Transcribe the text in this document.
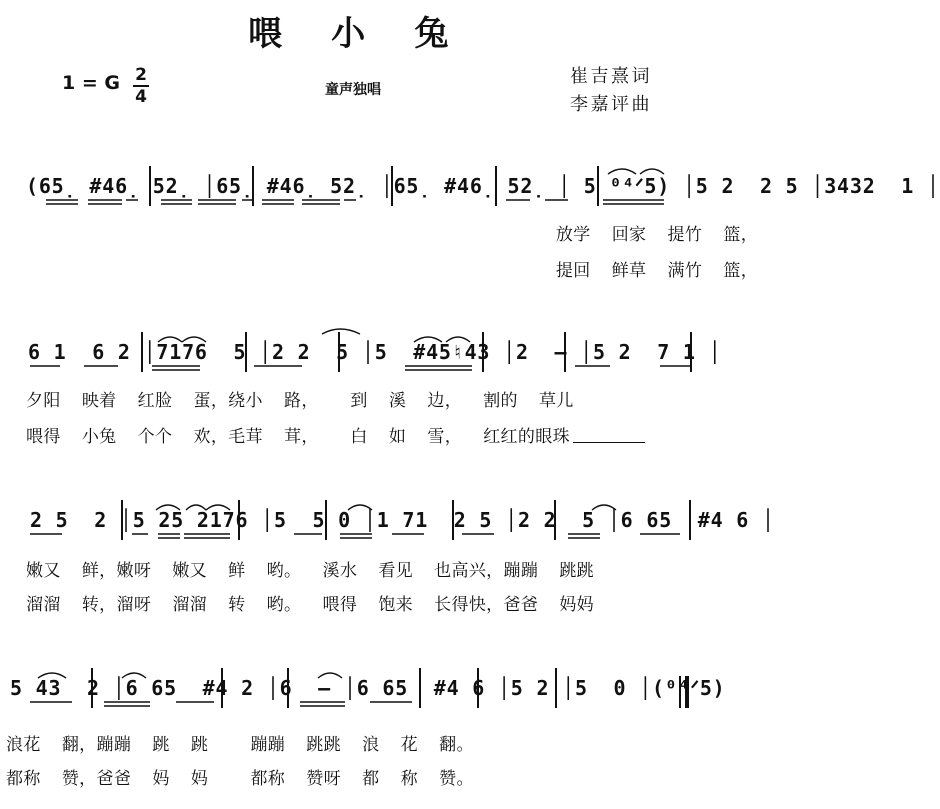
喂 小 兔
1 = G 2
4	童声独唱
崔吉熹词
李嘉评曲
(65̣ #46̣ 52̣ │65̣ #46̣ 52̣ │65̣ #46̣ 52̣ │ 5 ⁰⁴ᐟ5) │5 2  2 5 │3432  1 │
放学  回家  提竹  篮，
提回  鲜草  满竹  篮，
6 1  6 2 │7176  5 │2 2  5 │5  #45♮43 │2  — │5 2  7 1 │
夕阳  映着  红脸  蛋，绕小  路，   到  溪  边，  割的  草儿
喂得  小兔  个个  欢，毛茸  茸，   白  如  雪，  红红的眼珠
2 5  2 │5 25 2176 │5  5 0 │1 71  2 5 │2 2  5 │6 65  #4 6 │
嫩又  鲜，嫩呀  嫩又  鲜  哟。  溪水  看见  也高兴，蹦蹦  跳跳
溜溜  转，溜呀  溜溜  转  哟。  喂得  饱来  长得快，爸爸  妈妈
5 43  2 │6 65  #4 2 │6  — │6 65  #4 6 │5 2 │5  0 │(⁰⁴ᐟ5)
浪花  翻，蹦蹦  跳  跳    蹦蹦  跳跳  浪  花  翻。
都称  赞，爸爸  妈  妈    都称  赞呀  都  称  赞。
